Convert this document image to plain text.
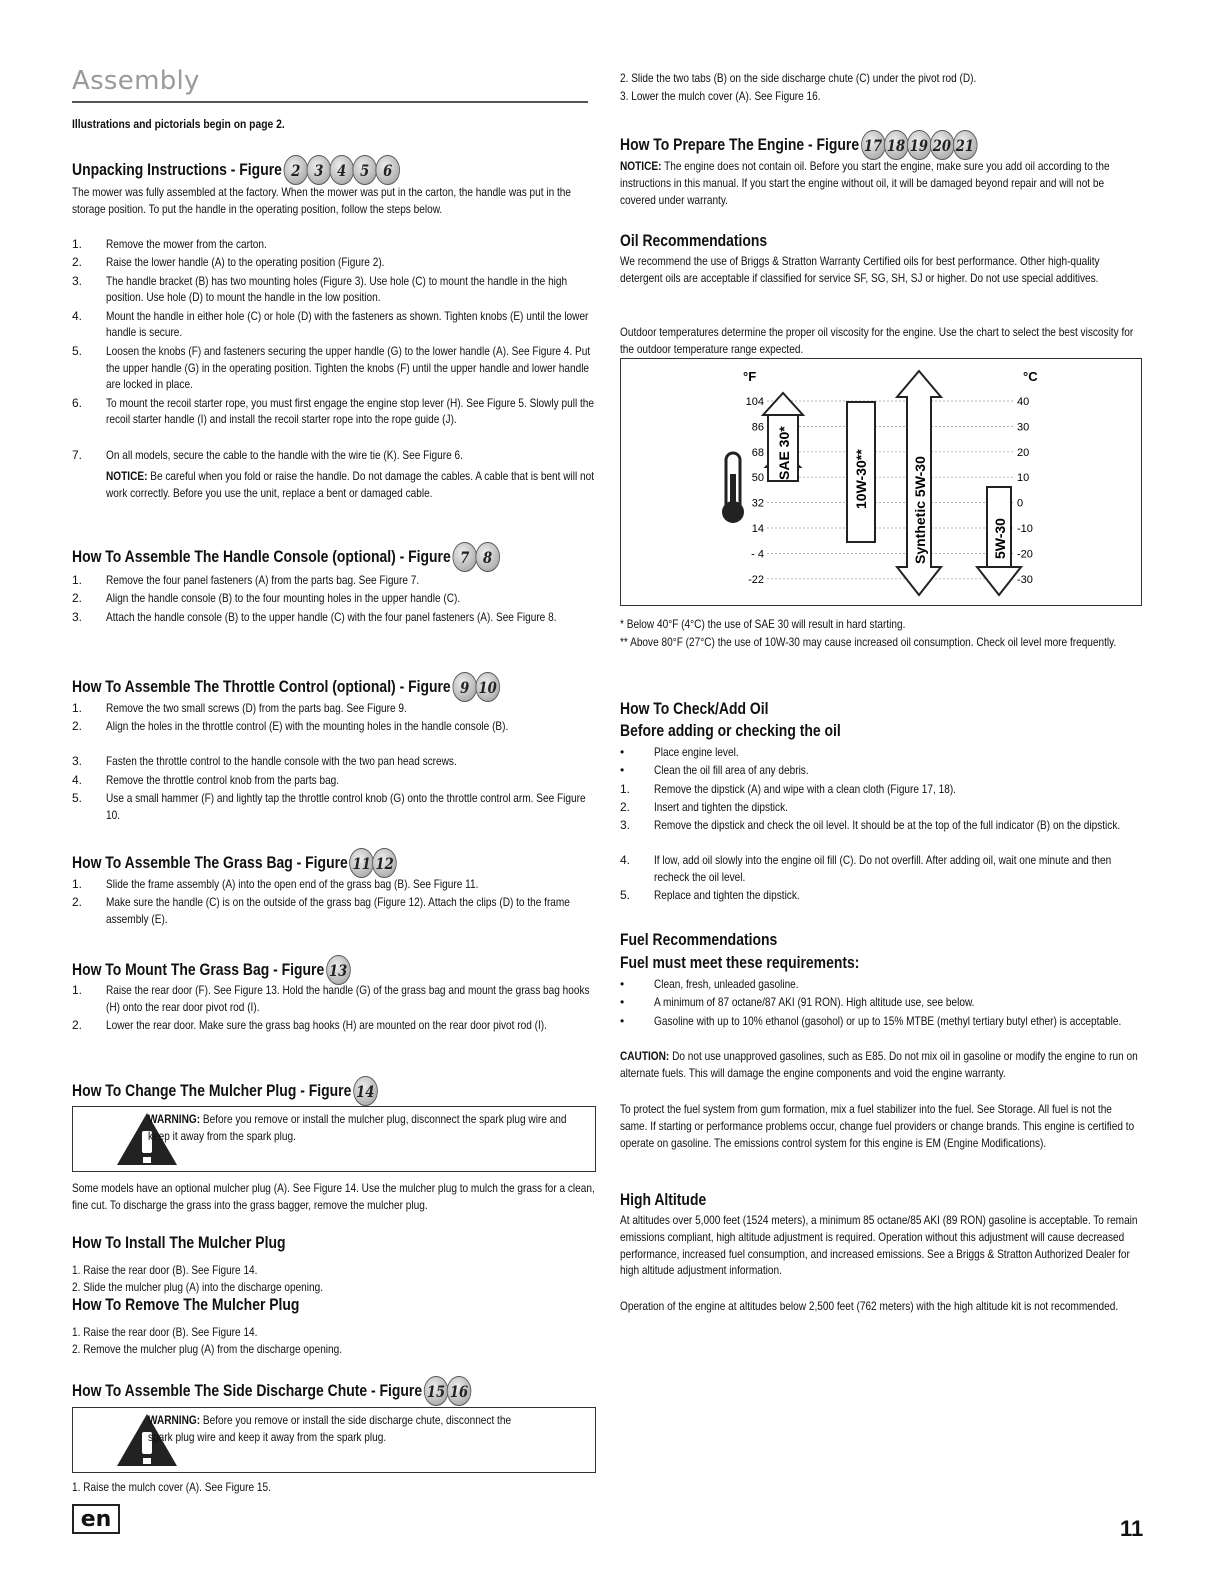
Assembly
Illustrations and pictorials begin on page 2.
Unpacking Instructions - Figure 2 3 4 5 6
The mower was fully assembled at the factory. When the mower was put in the carton, the handle was put in the storage position. To put the handle in the operating position, follow the steps below.
1. Remove the mower from the carton.
2. Raise the lower handle (A) to the operating position (Figure 2).
3. The handle bracket (B) has two mounting holes (Figure 3). Use hole (C) to mount the handle in the high position. Use hole (D) to mount the handle in the low position.
4. Mount the handle in either hole (C) or hole (D) with the fasteners as shown. Tighten knobs (E) until the lower handle is secure.
5. Loosen the knobs (F) and fasteners securing the upper handle (G) to the lower handle (A). See Figure 4. Put the upper handle (G) in the operating position. Tighten the knobs (F) until the upper handle and lower handle are locked in place.
6. To mount the recoil starter rope, you must first engage the engine stop lever (H). See Figure 5. Slowly pull the recoil starter handle (I) and install the recoil starter rope into the rope guide (J).
7. On all models, secure the cable to the handle with the wire tie (K). See Figure 6.
NOTICE: Be careful when you fold or raise the handle. Do not damage the cables. A cable that is bent will not work correctly. Before you use the unit, replace a bent or damaged cable.
How To Assemble The Handle Console (optional) - Figure 7 8
1. Remove the four panel fasteners (A) from the parts bag. See Figure 7.
2. Align the handle console (B) to the four mounting holes in the upper handle (C).
3. Attach the handle console (B) to the upper handle (C) with the four panel fasteners (A). See Figure 8.
How To Assemble The Throttle Control (optional) - Figure 9 10
1. Remove the two small screws (D) from the parts bag. See Figure 9.
2. Align the holes in the throttle control (E) with the mounting holes in the handle console (B).
3. Fasten the throttle control to the handle console with the two pan head screws.
4. Remove the throttle control knob from the parts bag.
5. Use a small hammer (F) and lightly tap the throttle control knob (G) onto the throttle control arm. See Figure 10.
How To Assemble The Grass Bag - Figure 11 12
1. Slide the frame assembly (A) into the open end of the grass bag (B). See Figure 11.
2. Make sure the handle (C) is on the outside of the grass bag (Figure 12). Attach the clips (D) to the frame assembly (E).
How To Mount The Grass Bag - Figure 13
1. Raise the rear door (F). See Figure 13. Hold the handle (G) of the grass bag and mount the grass bag hooks (H) onto the rear door pivot rod (I).
2. Lower the rear door. Make sure the grass bag hooks (H) are mounted on the rear door pivot rod (I).
How To Change The Mulcher Plug - Figure 14
WARNING: Before you remove or install the mulcher plug, disconnect the spark plug wire and keep it away from the spark plug.
Some models have an optional mulcher plug (A). See Figure 14. Use the mulcher plug to mulch the grass for a clean, fine cut. To discharge the grass into the grass bagger, remove the mulcher plug.
How To Install The Mulcher Plug
1. Raise the rear door (B). See Figure 14.
2. Slide the mulcher plug (A) into the discharge opening.
How To Remove The Mulcher Plug
1. Raise the rear door (B). See Figure 14.
2. Remove the mulcher plug (A) from the discharge opening.
How To Assemble The Side Discharge Chute - Figure 15 16
WARNING: Before you remove or install the side discharge chute, disconnect the spark plug wire and keep it away from the spark plug.
1. Raise the mulch cover (A). See Figure 15.
2. Slide the two tabs (B) on the side discharge chute (C) under the pivot rod (D).
3. Lower the mulch cover (A). See Figure 16.
How To Prepare The Engine - Figure 17 18 19 20 21
NOTICE: The engine does not contain oil. Before you start the engine, make sure you add oil according to the instructions in this manual. If you start the engine without oil, it will be damaged beyond repair and will not be covered under warranty.
Oil Recommendations
We recommend the use of Briggs & Stratton Warranty Certified oils for best performance. Other high-quality detergent oils are acceptable if classified for service SF, SG, SH, SJ or higher. Do not use special additives.
Outdoor temperatures determine the proper oil viscosity for the engine. Use the chart to select the best viscosity for the outdoor temperature range expected.
104
86
68
50
32
14
- 4
-22
°F	°C
40
30
20
10
0
-10
-20
-30
SAE 30*	10W-30**	Synthetic 5W-30	5W-30
* Below 40°F (4°C) the use of SAE 30 will result in hard starting.
** Above 80°F (27°C) the use of 10W-30 may cause increased oil consumption. Check oil level more frequently.
How To Check/Add Oil
Before adding or checking the oil
• Place engine level.
• Clean the oil fill area of any debris.
1. Remove the dipstick (A) and wipe with a clean cloth (Figure 17, 18).
2. Insert and tighten the dipstick.
3. Remove the dipstick and check the oil level. It should be at the top of the full indicator (B) on the dipstick.
4. If low, add oil slowly into the engine oil fill (C). Do not overfill. After adding oil, wait one minute and then recheck the oil level.
5. Replace and tighten the dipstick.
Fuel Recommendations
Fuel must meet these requirements:
• Clean, fresh, unleaded gasoline.
• A minimum of 87 octane/87 AKI (91 RON). High altitude use, see below.
• Gasoline with up to 10% ethanol (gasohol) or up to 15% MTBE (methyl tertiary butyl ether) is acceptable.
CAUTION: Do not use unapproved gasolines, such as E85. Do not mix oil in gasoline or modify the engine to run on alternate fuels. This will damage the engine components and void the engine warranty.
To protect the fuel system from gum formation, mix a fuel stabilizer into the fuel. See Storage. All fuel is not the same. If starting or performance problems occur, change fuel providers or change brands. This engine is certified to operate on gasoline. The emissions control system for this engine is EM (Engine Modifications).
High Altitude
At altitudes over 5,000 feet (1524 meters), a minimum 85 octane/85 AKI (89 RON) gasoline is acceptable. To remain emissions compliant, high altitude adjustment is required. Operation without this adjustment will cause decreased performance, increased fuel consumption, and increased emissions. See a Briggs & Stratton Authorized Dealer for high altitude adjustment information.
Operation of the engine at altitudes below 2,500 feet (762 meters) with the high altitude kit is not recommended.
en	11
